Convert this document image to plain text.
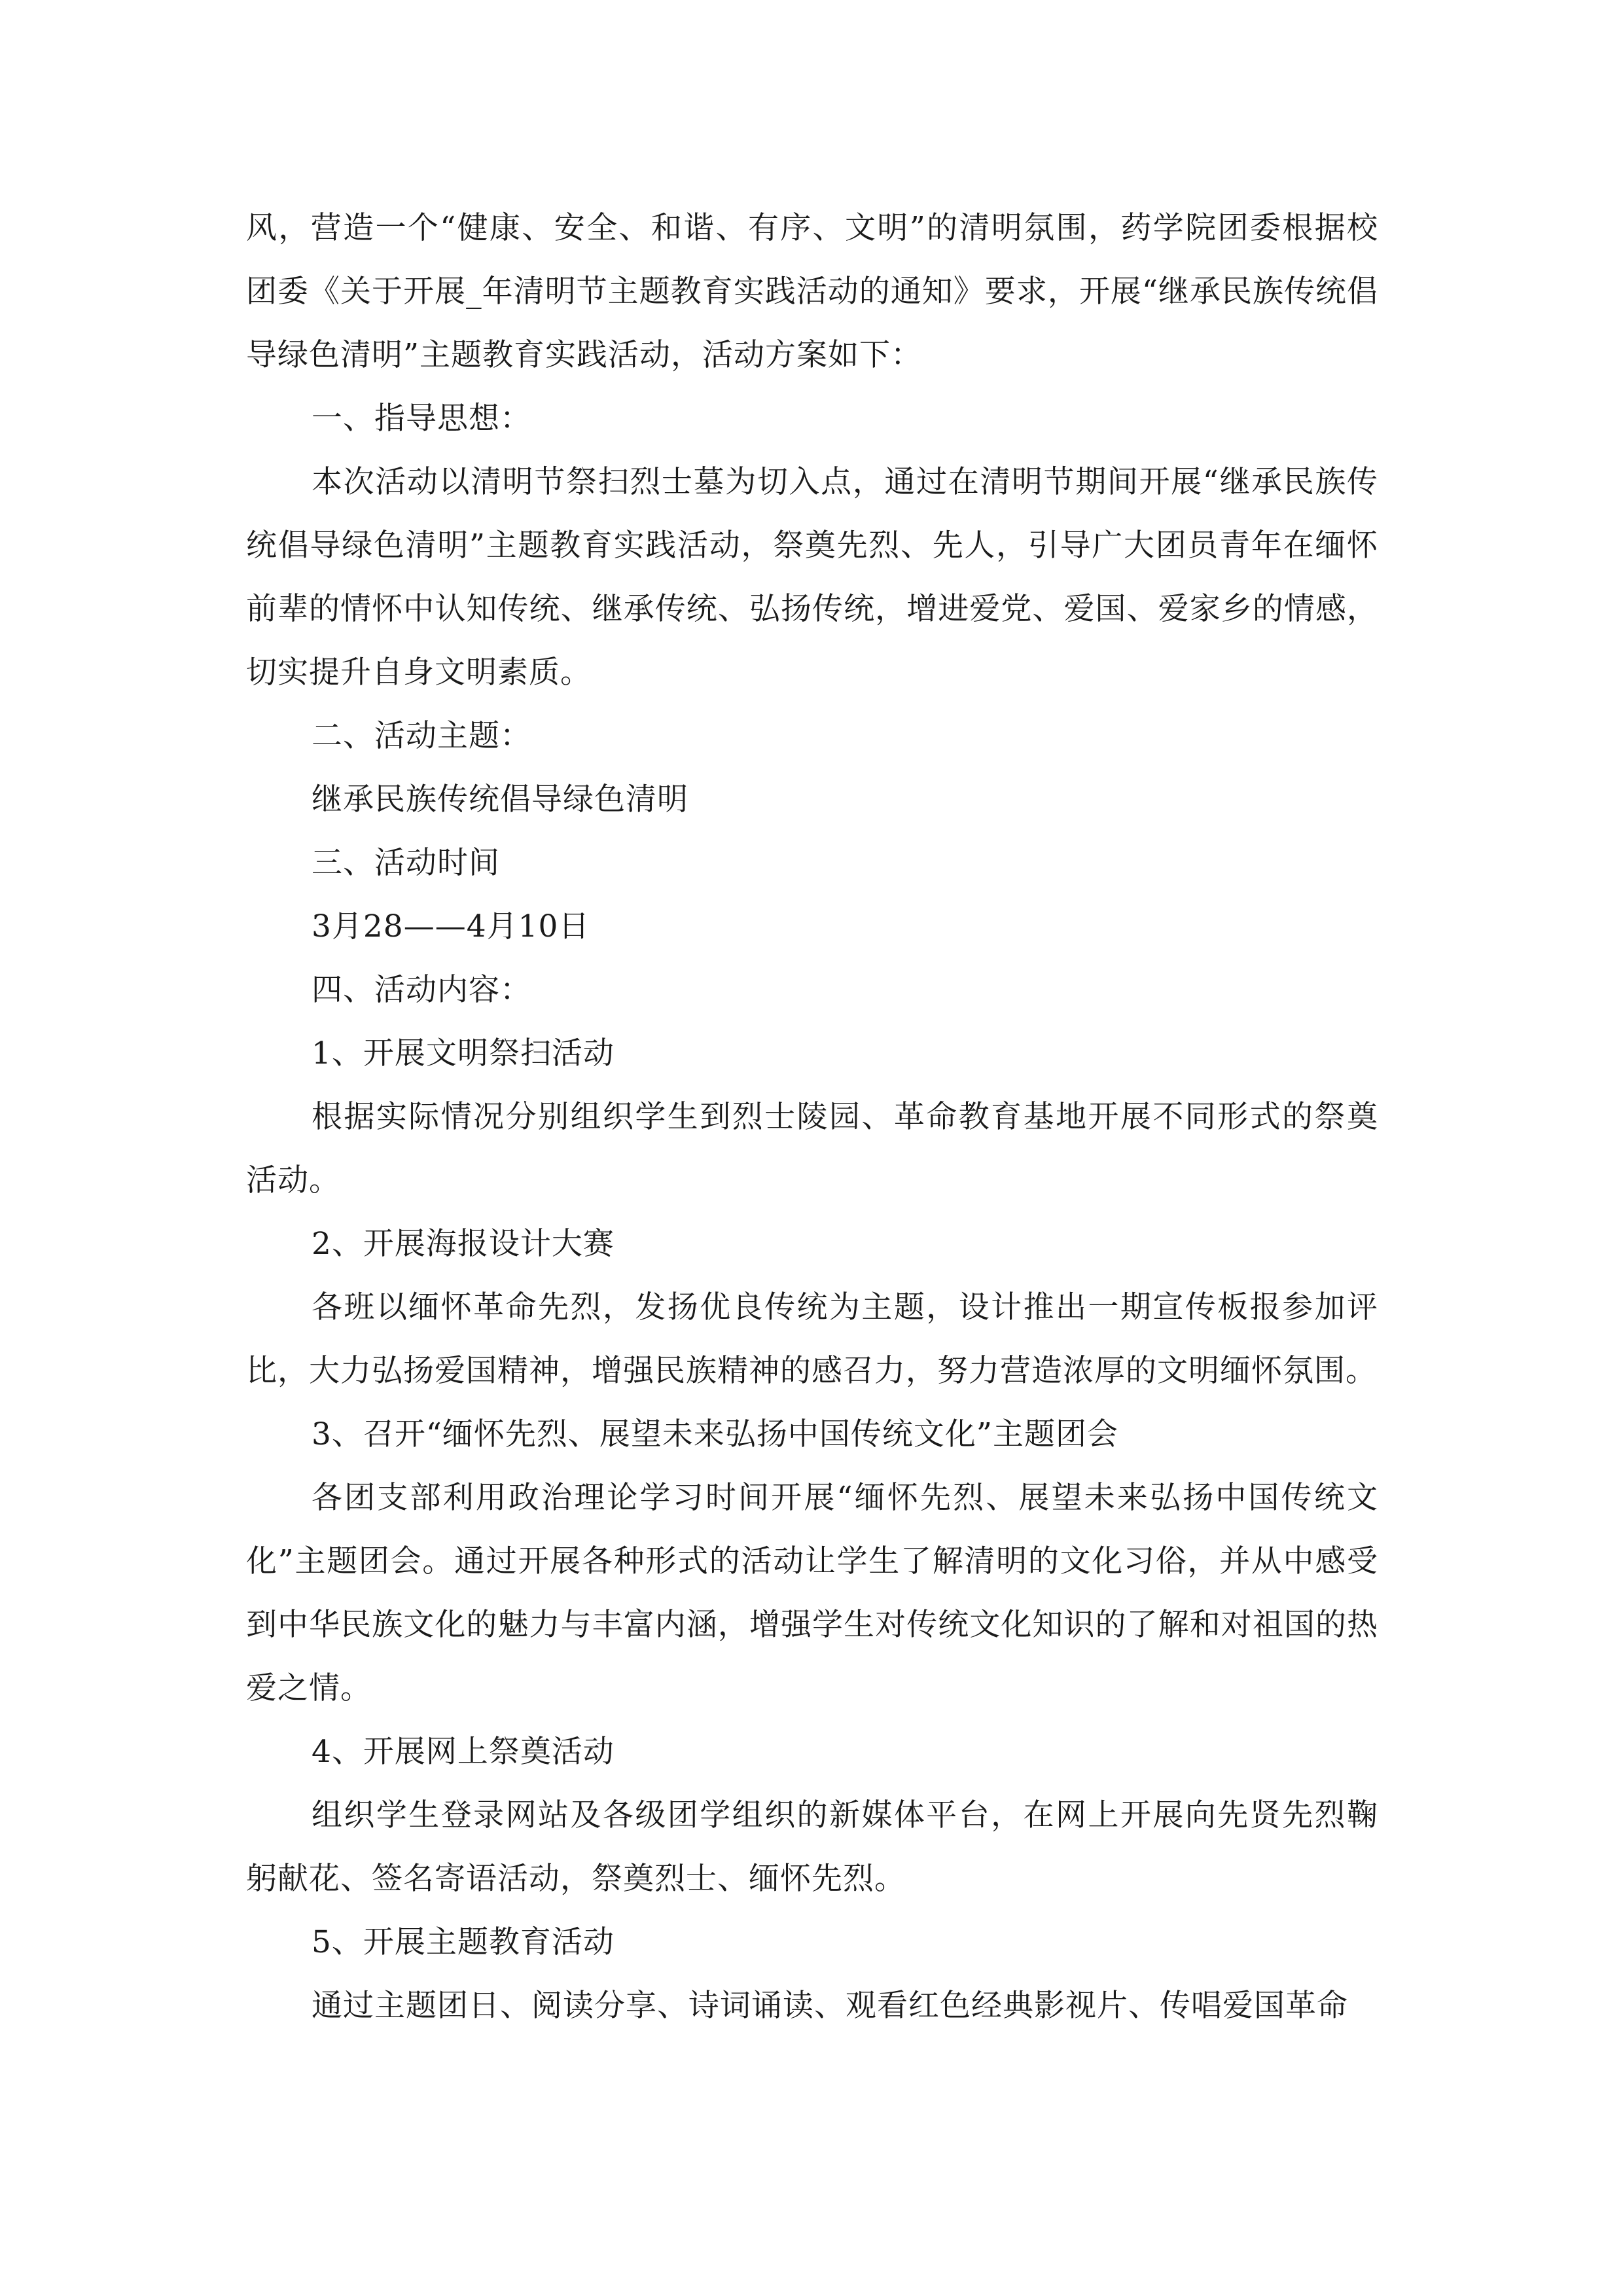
风，营造一个“健康、安全、和谐、有序、文明”的清明氛围，药学院团委根据校团委《关于开展_年清明节主题教育实践活动的通知》要求，开展“继承民族传统倡导绿色清明”主题教育实践活动，活动方案如下：

一、指导思想：

本次活动以清明节祭扫烈士墓为切入点，通过在清明节期间开展“继承民族传统倡导绿色清明”主题教育实践活动，祭奠先烈、先人，引导广大团员青年在缅怀前辈的情怀中认知传统、继承传统、弘扬传统，增进爱党、爱国、爱家乡的情感，切实提升自身文明素质。

二、活动主题：

继承民族传统倡导绿色清明

三、活动时间

3月28——4月10日

四、活动内容：

1、开展文明祭扫活动

根据实际情况分别组织学生到烈士陵园、革命教育基地开展不同形式的祭奠活动。

2、开展海报设计大赛

各班以缅怀革命先烈，发扬优良传统为主题，设计推出一期宣传板报参加评比，大力弘扬爱国精神，增强民族精神的感召力，努力营造浓厚的文明缅怀氛围。

3、召开“缅怀先烈、展望未来弘扬中国传统文化”主题团会

各团支部利用政治理论学习时间开展“缅怀先烈、展望未来弘扬中国传统文化”主题团会。通过开展各种形式的活动让学生了解清明的文化习俗，并从中感受到中华民族文化的魅力与丰富内涵，增强学生对传统文化知识的了解和对祖国的热爱之情。

4、开展网上祭奠活动

组织学生登录网站及各级团学组织的新媒体平台，在网上开展向先贤先烈鞠躬献花、签名寄语活动，祭奠烈士、缅怀先烈。

5、开展主题教育活动

通过主题团日、阅读分享、诗词诵读、观看红色经典影视片、传唱爱国革命
